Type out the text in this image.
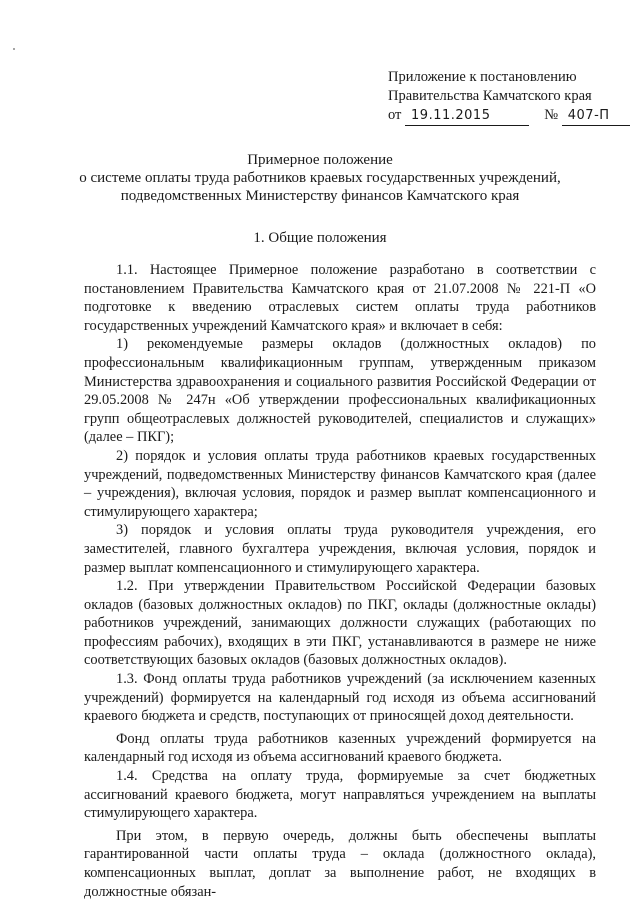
Приложение к постановлению
Правительства Камчатского края
от 19.11.2015	№ 407-П
Примерное положение
о системе оплаты труда работников краевых государственных учреждений,
подведомственных Министерству финансов Камчатского края
1. Общие положения

1.1. Настоящее Примерное положение разработано в соответствии с постановлением Правительства Камчатского края от 21.07.2008 № 221-П «О подготовке к введению отраслевых систем оплаты труда работников государственных учреждений Камчатского края» и включает в себя:

1) рекомендуемые размеры окладов (должностных окладов) по профессиональным квалификационным группам, утвержденным приказом Министерства здравоохранения и социального развития Российской Федерации от 29.05.2008 № 247н «Об утверждении профессиональных квалификационных групп общеотраслевых должностей руководителей, специалистов и служащих» (далее – ПКГ);

2) порядок и условия оплаты труда работников краевых государственных учреждений, подведомственных Министерству финансов Камчатского края (далее – учреждения), включая условия, порядок и размер выплат компенсационного и стимулирующего характера;

3) порядок и условия оплаты труда руководителя учреждения, его заместителей, главного бухгалтера учреждения, включая условия, порядок и размер выплат компенсационного и стимулирующего характера.

1.2. При утверждении Правительством Российской Федерации базовых окладов (базовых должностных окладов) по ПКГ, оклады (должностные оклады) работников учреждений, занимающих должности служащих (работающих по профессиям рабочих), входящих в эти ПКГ, устанавливаются в размере не ниже соответствующих базовых окладов (базовых должностных окладов).

1.3. Фонд оплаты труда работников учреждений (за исключением казенных учреждений) формируется на календарный год исходя из объема ассигнований краевого бюджета и средств, поступающих от приносящей доход деятельности.

Фонд оплаты труда работников казенных учреждений формируется на календарный год исходя из объема ассигнований краевого бюджета.

1.4. Средства на оплату труда, формируемые за счет бюджетных ассигнований краевого бюджета, могут направляться учреждением на выплаты стимулирующего характера.

При этом, в первую очередь, должны быть обеспечены выплаты гарантированной части оплаты труда – оклада (должностного оклада), компенсационных выплат, доплат за выполнение работ, не входящих в должностные обязан-
